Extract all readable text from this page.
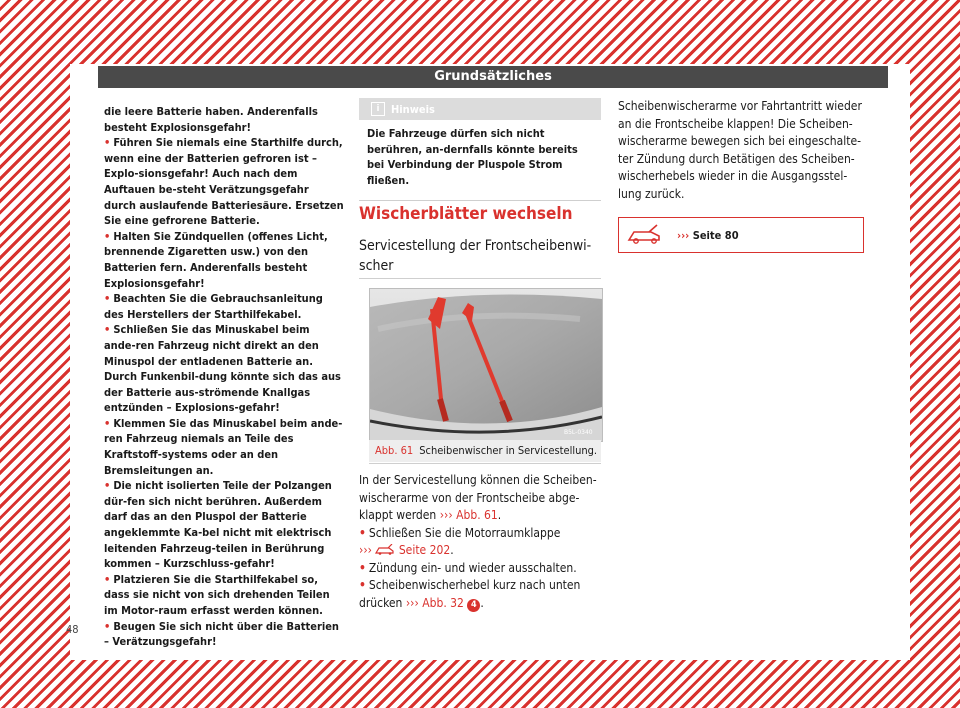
Grundsätzliches

die leere Batterie haben. Anderenfalls besteht Explosionsgefahr!

• Führen Sie niemals eine Starthilfe durch, wenn eine der Batterien gefroren ist – Explo-sionsgefahr! Auch nach dem Auftauen be-steht Verätzungsgefahr durch auslaufende Batteriesäure. Ersetzen Sie eine gefrorene Batterie.

• Halten Sie Zündquellen (offenes Licht, brennende Zigaretten usw.) von den Batterien fern. Anderenfalls besteht Explosionsgefahr!

• Beachten Sie die Gebrauchsanleitung des Herstellers der Starthilfekabel.

• Schließen Sie das Minuskabel beim ande-ren Fahrzeug nicht direkt an den Minuspol der entladenen Batterie an. Durch Funkenbil-dung könnte sich das aus der Batterie aus-strömende Knallgas entzünden – Explosions-gefahr!

• Klemmen Sie das Minuskabel beim ande-ren Fahrzeug niemals an Teile des Kraftstoff-systems oder an den Bremsleitungen an.

• Die nicht isolierten Teile der Polzangen dür-fen sich nicht berühren. Außerdem darf das an den Pluspol der Batterie angeklemmte Ka-bel nicht mit elektrisch leitenden Fahrzeug-teilen in Berührung kommen – Kurzschluss-gefahr!

• Platzieren Sie die Starthilfekabel so, dass sie nicht von sich drehenden Teilen im Motor-raum erfasst werden können.

• Beugen Sie sich nicht über die Batterien – Verätzungsgefahr!

i	Hinweis
Die Fahrzeuge dürfen sich nicht berühren, an-dernfalls könnte bereits bei Verbindung der Pluspole Strom fließen.
Wischerblätter wechseln
Servicestellung der Frontscheibenwi-scher
B5L-0340
Abb. 61 Scheibenwischer in Servicestellung.

In der Servicestellung können die Scheiben-wischerarme von der Frontscheibe abge-klappt werden ››› Abb. 61.

• Schließen Sie die Motorraumklappe
›››  Seite 202.

• Zündung ein- und wieder ausschalten.

• Scheibenwischerhebel kurz nach unten drücken ››› Abb. 32 4 .

Scheibenwischerarme vor Fahrtantritt wieder an die Frontscheibe klappen! Die Scheiben-wischerarme bewegen sich bei eingeschalte-ter Zündung durch Betätigen des Scheiben-wischerhebels wieder in die Ausgangsstel-lung zurück.

›››
Seite 80
48
